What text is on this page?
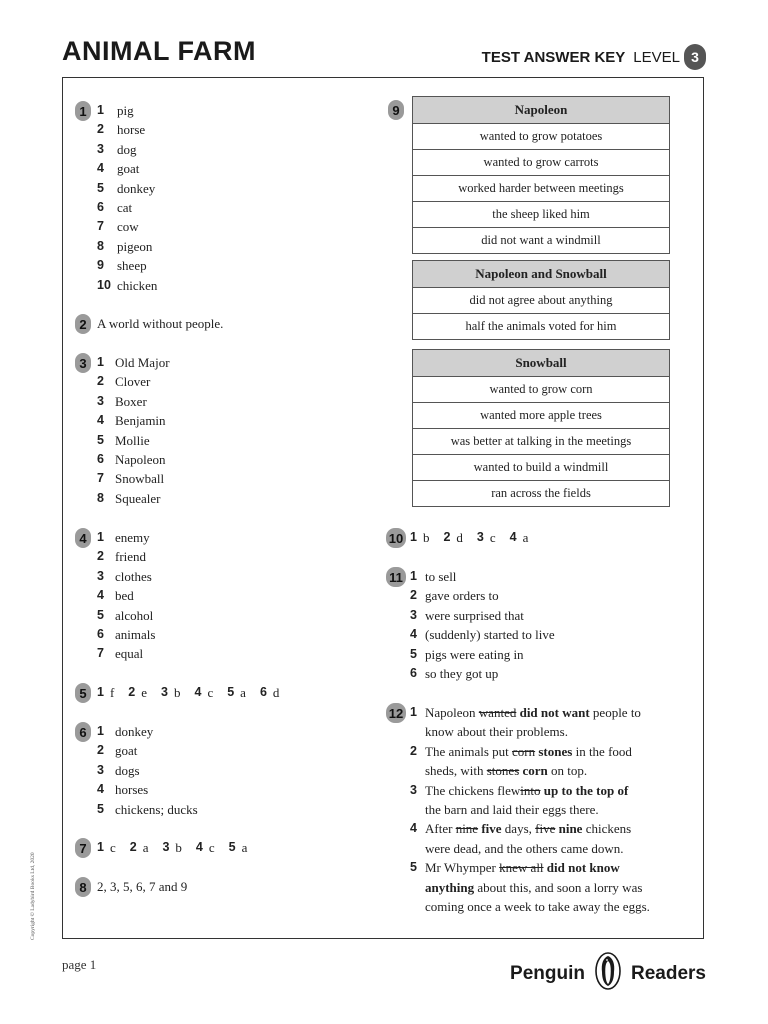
ANIMAL FARM	TEST ANSWER KEY LEVEL 3
1 1	pig
2	horse
3	dog
4	goat
5	donkey
6	cat
7	cow
8	pigeon
9	sheep
10 chicken
2 A world without people.
3 1 Old Major
2 Clover
3 Boxer
4 Benjamin
5 Mollie
6 Napoleon
7 Snowball
8 Squealer
4 1 enemy
2 friend
3 clothes
4 bed
5 alcohol
6 animals
7 equal
5 1 f 2 e 3 b 4 c 5 a 6 d
6 1 donkey
2 goat
3 dogs
4 horses
5 chickens; ducks
7 1 c 2 a 3 b 4 c 5 a
8 2, 3, 5, 6, 7 and 9
9	Napoleon
wanted to grow potatoes
wanted to grow carrots
worked harder between meetings
the sheep liked him
did not want a windmill
Napoleon and Snowball
did not agree about anything
half the animals voted for him
Snowball
wanted to grow corn
wanted more apple trees
was better at talking in the meetings
wanted to build a windmill
ran across the fields
10 1 b 2 d 3 c 4 a
11 1 to sell
2 gave orders to
3 were surprised that
4 (suddenly) started to live
5 pigs were eating in
6 so they got up
12 1 Napoleon wanted did not want people to
know about their problems.
2 The animals put corn stones in the food
sheds, with stones corn on top.
3 The chickens flewinto up to the top of
the barn and laid their eggs there.
4 After nine five days, five nine chickens
were dead, and the others came down.
5 Mr Whymper knew all did not know
anything about this, and soon a lorry was
coming once a week to take away the eggs.
Copyright © Ladybird Books Ltd, 2020
page 1	Penguin Readers
